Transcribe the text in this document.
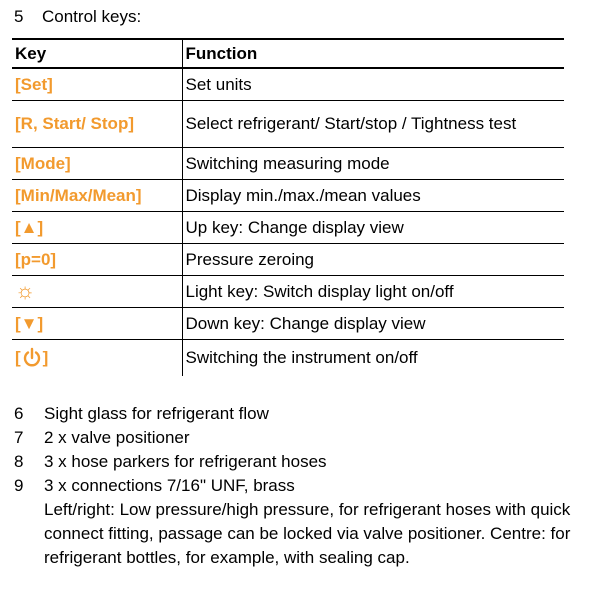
5 Control keys:
Key	Function
[Set]	Set units
[R, Start/ Stop]	Select refrigerant/ Start/stop / Tightness test
[Mode]	Switching measuring mode
[Min/Max/Mean]	Display min./max./mean values
[▲]	Up key: Change display view
[p=0]	Pressure zeroing
☼	Light key: Switch display light on/off
[▼]	Down key: Change display view

[ ]	Switching the instrument on/off
6	Sight glass for refrigerant flow
7	2 x valve positioner
8	3 x hose parkers for refrigerant hoses
9	3 x connections 7/16" UNF, brass
Left/right: Low pressure/high pressure, for refrigerant hoses with quick connect fitting, passage can be locked via valve positioner. Centre: for refrigerant bottles, for example, with sealing cap.
